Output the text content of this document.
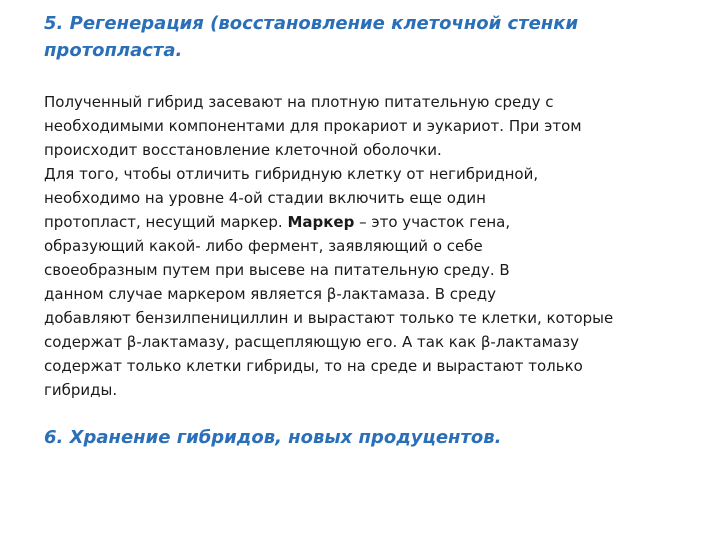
5. Регенерация (восстановление клеточной стенки
протопласта.

Полученный гибрид засевают на плотную питательную среду с
необходимыми компонентами для прокариот и эукариот. При этом
происходит восстановление клеточной оболочки.
Для того, чтобы отличить гибридную клетку от негибридной,
необходимо на уровне 4-ой стадии включить еще один
протопласт, несущий маркер. Маркер – это участок гена,
образующий какой- либо фермент, заявляющий о себе
своеобразным путем при высеве на питательную среду. В
данном случае маркером является β-лактамаза. В среду
добавляют бензилпенициллин и вырастают только те клетки, которые
содержат β-лактамазу, расщепляющую его. А так как β-лактамазу
содержат только клетки гибриды, то на среде и вырастают только
гибриды.

6. Хранение гибридов, новых продуцентов.
